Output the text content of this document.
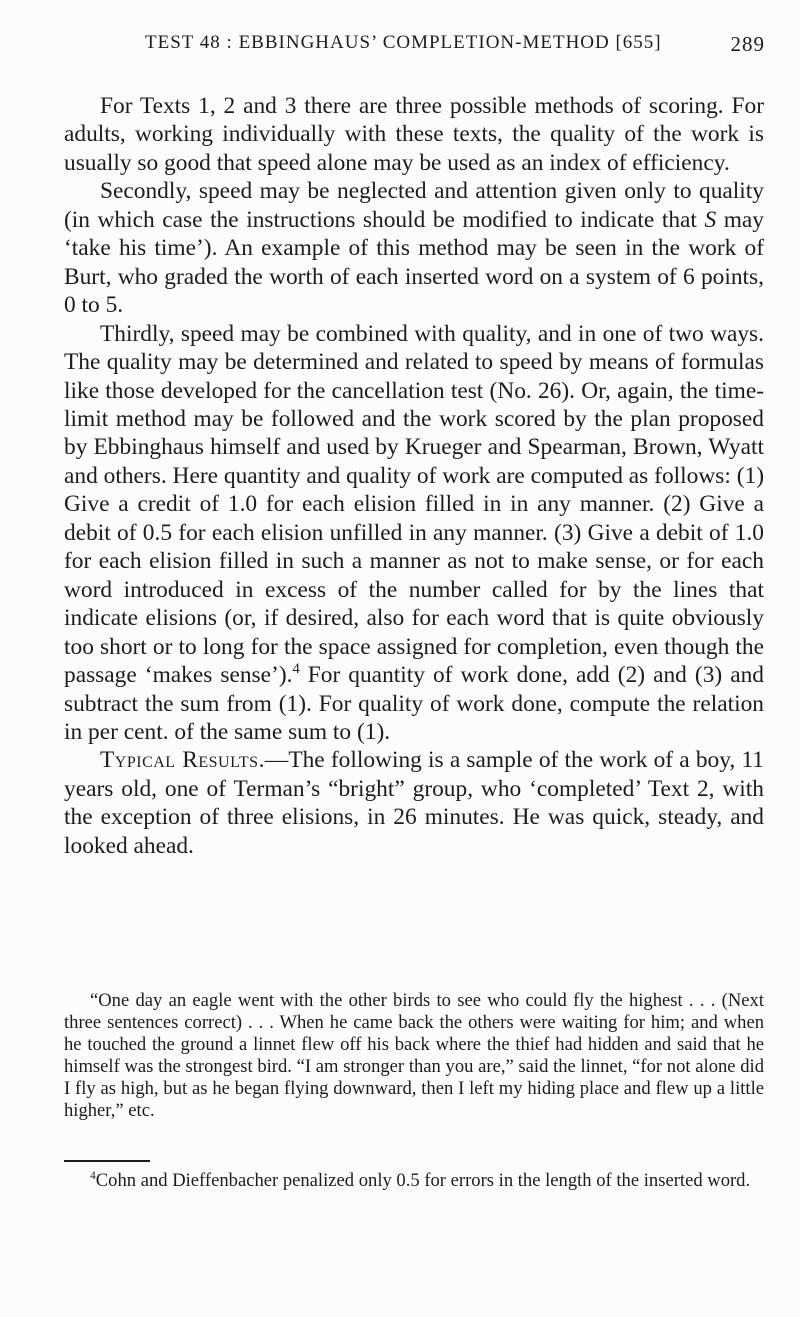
TEST 48 : EBBINGHAUS’ COMPLETION-METHOD [655]	289

For Texts 1, 2 and 3 there are three possible methods of scoring. For adults, working individually with these texts, the quality of the work is usually so good that speed alone may be used as an index of efficiency.

Secondly, speed may be neglected and attention given only to quality (in which case the instructions should be modified to indicate that S may ‘take his time’). An example of this method may be seen in the work of Burt, who graded the worth of each inserted word on a system of 6 points, 0 to 5.

Thirdly, speed may be combined with quality, and in one of two ways. The quality may be determined and related to speed by means of formulas like those developed for the cancellation test (No. 26). Or, again, the time-limit method may be followed and the work scored by the plan proposed by Ebbinghaus himself and used by Krueger and Spearman, Brown, Wyatt and others. Here quantity and quality of work are computed as follows: (1) Give a credit of 1.0 for each elision filled in in any manner. (2) Give a debit of 0.5 for each elision unfilled in any manner. (3) Give a debit of 1.0 for each elision filled in such a manner as not to make sense, or for each word introduced in excess of the number called for by the lines that indicate elisions (or, if desired, also for each word that is quite obviously too short or to long for the space assigned for completion, even though the passage ‘makes sense’).$^4$ For quantity of work done, add (2) and (3) and subtract the sum from (1). For quality of work done, compute the relation in per cent. of the same sum to (1).

Typical Results.—The following is a sample of the work of a boy, 11 years old, one of Terman’s “bright” group, who ‘completed’ Text 2, with the exception of three elisions, in 26 minutes. He was quick, steady, and looked ahead.

“One day an eagle went with the other birds to see who could fly the highest . . . (Next three sentences correct) . . . When he came back the others were waiting for him; and when he touched the ground a linnet flew off his back where the thief had hidden and said that he himself was the strongest bird. “I am stronger than you are,” said the linnet, “for not alone did I fly as high, but as he began flying downward, then I left my hiding place and flew up a little higher,” etc.

$^4$Cohn and Dieffenbacher penalized only 0.5 for errors in the length of the inserted word.
